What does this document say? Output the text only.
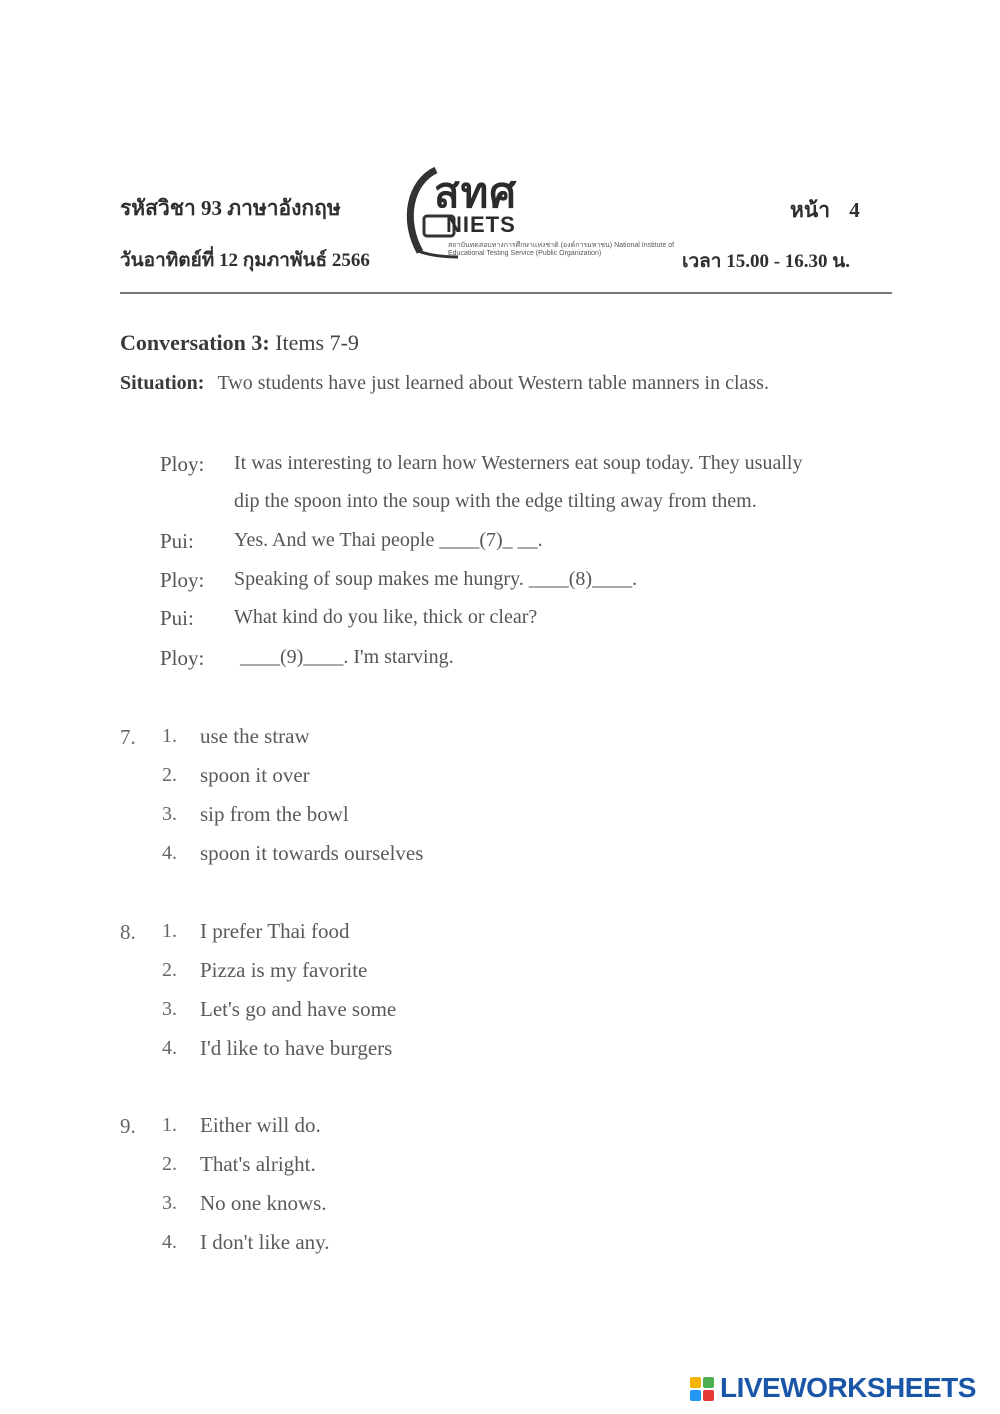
รหัสวิชา 93 ภาษาอังกฤษ
วันอาทิตย์ที่ 12 กุมภาพันธ์ 2566
หน้า 4
เวลา 15.00 - 16.30 น.
สทศ
NIETS
สถาบันทดสอบทางการศึกษาแห่งชาติ (องค์การมหาชน) National Institute of Educational Testing Service (Public Organization)
Conversation 3: Items 7-9
Situation: Two students have just learned about Western table manners in class.
Ploy: It was interesting to learn how Westerners eat soup today. They usually
dip the spoon into the soup with the edge tilting away from them.
Pui: Yes. And we Thai people ____(7)_ __.
Ploy: Speaking of soup makes me hungry. ____(8)____.
Pui: What kind do you like, thick or clear?
Ploy: ____(9)____. I'm starving.
7. 1. use the straw
2. spoon it over
3. sip from the bowl
4. spoon it towards ourselves
8. 1. I prefer Thai food
2. Pizza is my favorite
3. Let's go and have some
4. I'd like to have burgers
9. 1. Either will do.
2. That's alright.
3. No one knows.
4. I don't like any.
LIVEWORKSHEETS
